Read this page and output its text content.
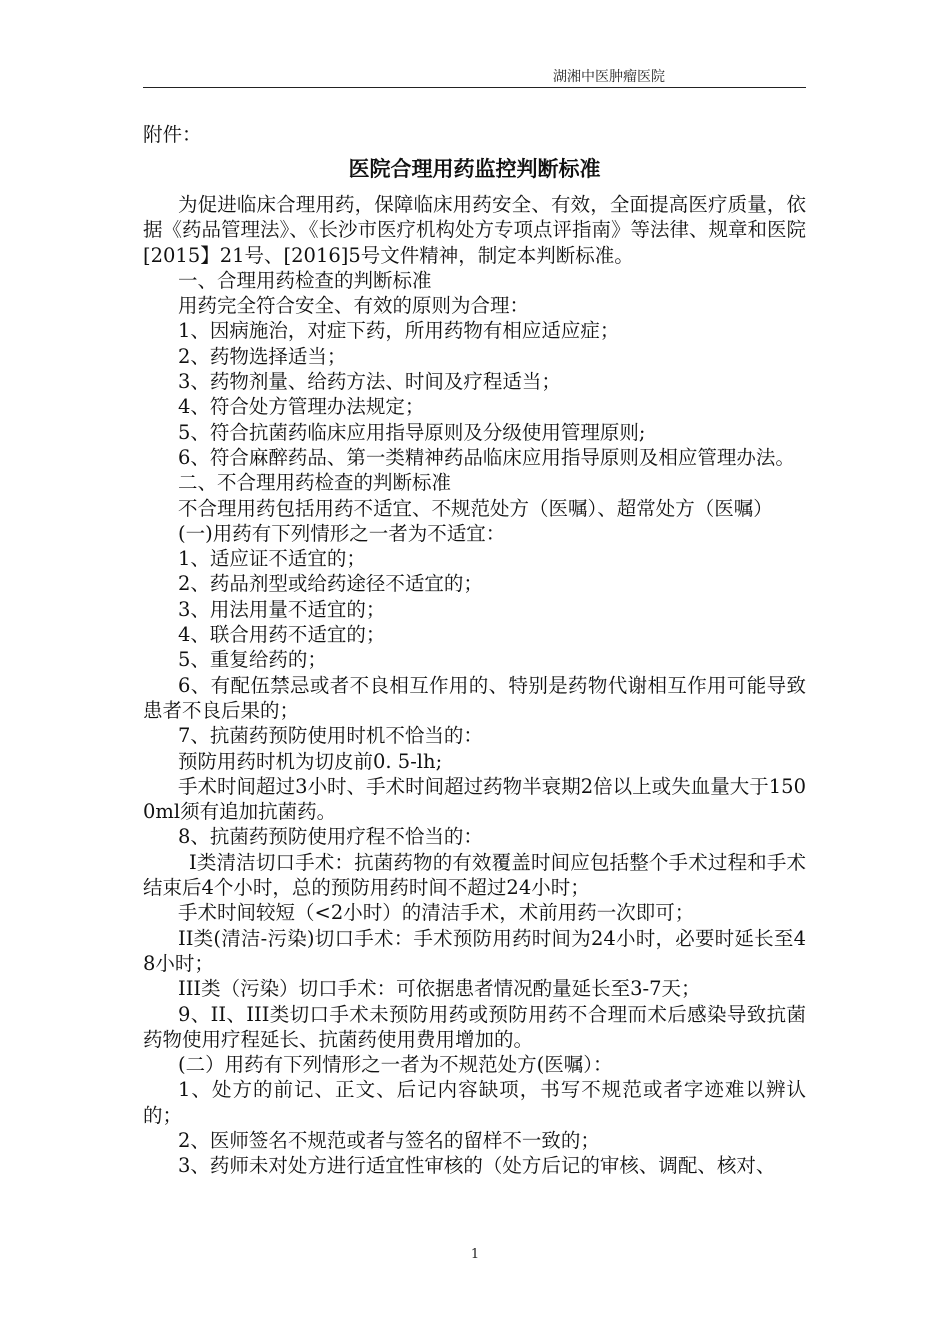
湖湘中医肿瘤医院
附件：
医院合理用药监控判断标准

为促进临床合理用药，保障临床用药安全、有效，全面提高医疗质量，依据《药品管理法》、《长沙市医疗机构处方专项点评指南》等法律、规章和医院[2015】21号、[2016]5号文件精神，制定本判断标准。

一、合理用药检查的判断标准

用药完全符合安全、有效的原则为合理：

1、因病施治，对症下药，所用药物有相应适应症；

2、药物选择适当；

3、药物剂量、给药方法、时间及疗程适当；

4、符合处方管理办法规定；

5、符合抗菌药临床应用指导原则及分级使用管理原则;

6、符合麻醉药品、第一类精神药品临床应用指导原则及相应管理办法。

二、不合理用药检查的判断标准

不合理用药包括用药不适宜、不规范处方（医嘱）、超常处方（医嘱）

(一)用药有下列情形之一者为不适宜：

1、适应证不适宜的；

2、药品剂型或给药途径不适宜的；

3、用法用量不适宜的；

4、联合用药不适宜的；

5、重复给药的；

6、有配伍禁忌或者不良相互作用的、特别是药物代谢相互作用可能导致患者不良后果的；

7、抗菌药预防使用时机不恰当的：

预防用药时机为切皮前0. 5-lh;

手术时间超过3小时、手术时间超过药物半衰期2倍以上或失血量大于1500ml须有追加抗菌药。

8、抗菌药预防使用疗程不恰当的：

I类清洁切口手术：抗菌药物的有效覆盖时间应包括整个手术过程和手术结束后4个小时，总的预防用药时间不超过24小时；

手术时间较短（<2小时）的清洁手术，术前用药一次即可；

II类(清洁-污染)切口手术：手术预防用药时间为24小时，必要时延长至48小时；

III类（污染）切口手术：可依据患者情况酌量延长至3-7天；

9、II、III类切口手术未预防用药或预防用药不合理而术后感染导致抗菌药物使用疗程延长、抗菌药使用费用增加的。

(二）用药有下列情形之一者为不规范处方(医嘱）：

1、处方的前记、正文、后记内容缺项，书写不规范或者字迹难以辨认的；

2、医师签名不规范或者与签名的留样不一致的；

3、药师未对处方进行适宜性审核的（处方后记的审核、调配、核对、

1
